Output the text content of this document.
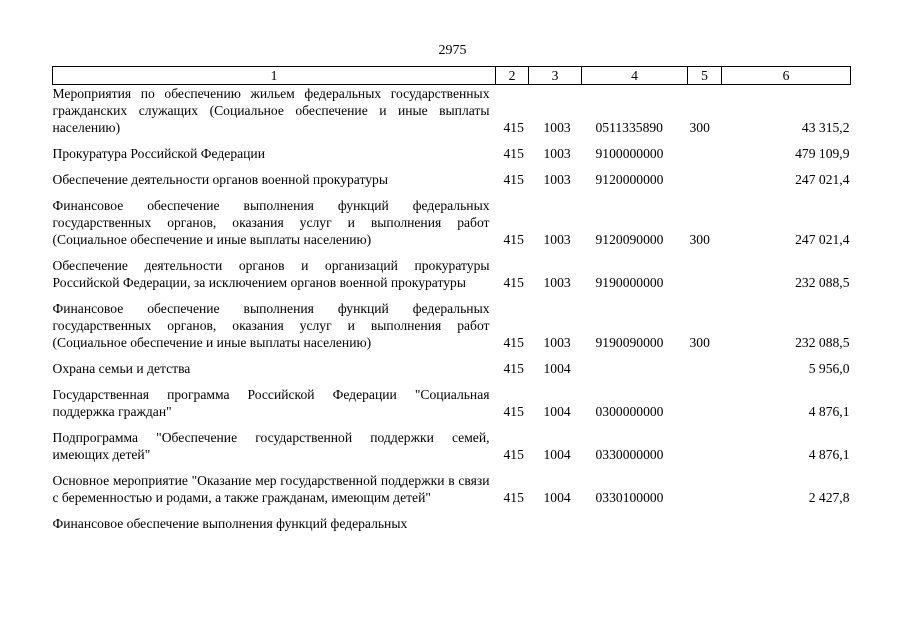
2975
1	2	3	4	5	6
Мероприятия по обеспечению жильем федеральных государственных гражданских служащих (Социальное обеспечение и иные выплаты населению)	415	1003	0511335890	300	43 315,2

Прокуратура Российской Федерации	415	1003	9100000000		479 109,9

Обеспечение деятельности органов военной прокуратуры	415	1003	9120000000		247 021,4

Финансовое обеспечение выполнения функций федеральных государственных органов, оказания услуг и выполнения работ (Социальное обеспечение и иные выплаты населению)	415	1003	9120090000	300	247 021,4

Обеспечение деятельности органов и организаций прокуратуры Российской Федерации, за исключением органов военной прокуратуры	415	1003	9190000000		232 088,5

Финансовое обеспечение выполнения функций федеральных государственных органов, оказания услуг и выполнения работ (Социальное обеспечение и иные выплаты населению)	415	1003	9190090000	300	232 088,5

Охрана семьи и детства	415	1004			5 956,0

Государственная программа Российской Федерации "Социальная поддержка граждан"	415	1004	0300000000		4 876,1

Подпрограмма "Обеспечение государственной поддержки семей, имеющих детей"	415	1004	0330000000		4 876,1

Основное мероприятие "Оказание мер государственной поддержки в связи с беременностью и родами, а также гражданам, имеющим детей"	415	1004	0330100000		2 427,8

Финансовое обеспечение выполнения функций федеральных					
